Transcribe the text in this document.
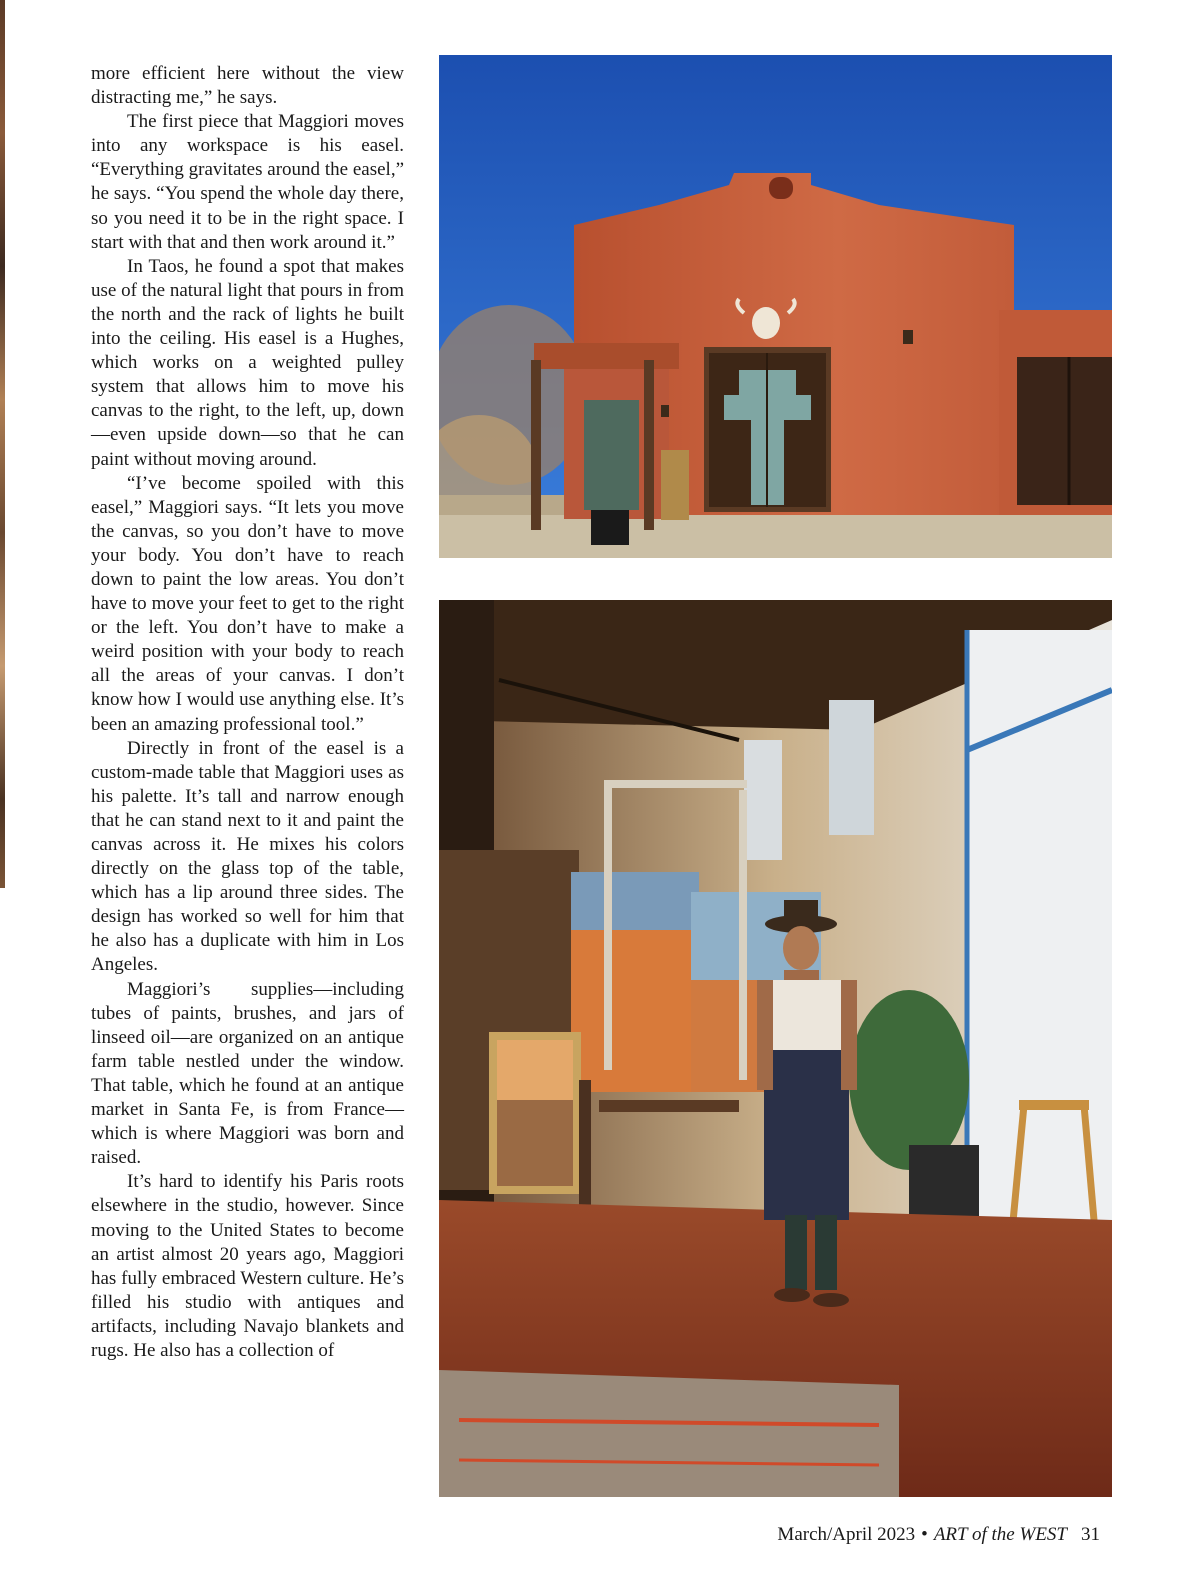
more efficient here without the view distracting me,” he says.

The first piece that Maggiori moves into any workspace is his easel. “Everything gravitates around the easel,” he says. “You spend the whole day there, so you need it to be in the right space. I start with that and then work around it.”

In Taos, he found a spot that makes use of the natural light that pours in from the north and the rack of lights he built into the ceiling. His easel is a Hughes, which works on a weighted pulley system that allows him to move his canvas to the right, to the left, up, down—even upside down—so that he can paint without moving around.

“I’ve become spoiled with this easel,” Maggiori says. “It lets you move the canvas, so you don’t have to move your body. You don’t have to reach down to paint the low areas. You don’t have to move your feet to get to the right or the left. You don’t have to make a weird position with your body to reach all the areas of your canvas. I don’t know how I would use anything else. It’s been an amazing professional tool.”

Directly in front of the easel is a custom-made table that Maggiori uses as his palette. It’s tall and narrow enough that he can stand next to it and paint the canvas across it. He mixes his colors directly on the glass top of the table, which has a lip around three sides. The design has worked so well for him that he also has a duplicate with him in Los Angeles.

Maggiori’s supplies—including tubes of paints, brushes, and jars of linseed oil—are organized on an antique farm table nestled under the window. That table, which he found at an antique market in Santa Fe, is from France—which is where Maggiori was born and raised.

It’s hard to identify his Paris roots elsewhere in the studio, however. Since moving to the United States to become an artist almost 20 years ago, Maggiori has fully embraced Western culture. He’s filled his studio with antiques and artifacts, including Navajo blankets and rugs. He also has a collection of

March/April 2023 • ART of the WEST 31
